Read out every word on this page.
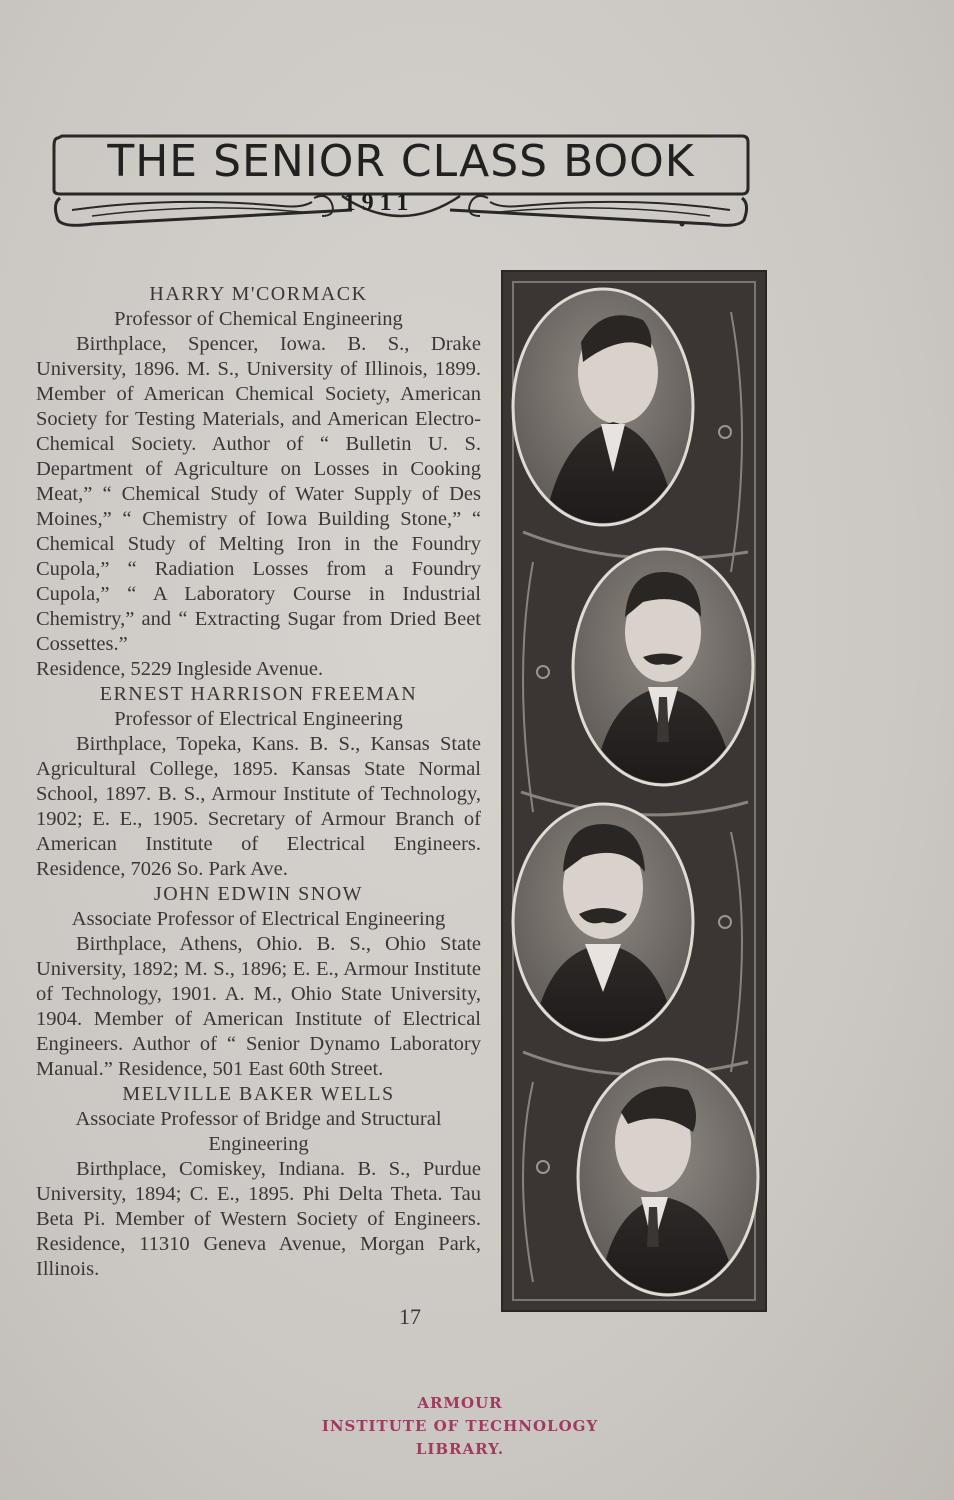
THE SENIOR CLASS BOOK
1911
HARRY M'CORMACK
Professor of Chemical Engineering
Birthplace, Spencer, Iowa. B. S., Drake University, 1896. M. S., University of Illinois, 1899. Member of American Chemical Society, American Society for Testing Materials, and American Electro-Chemical Society. Author of “ Bulletin U. S. Department of Agriculture on Losses in Cooking Meat,” “ Chemical Study of Water Supply of Des Moines,” “ Chemistry of Iowa Building Stone,” “ Chemical Study of Melting Iron in the Foundry Cupola,” “ Radiation Losses from a Foundry Cupola,” “ A Laboratory Course in Industrial Chemistry,” and “ Extracting Sugar from Dried Beet Cossettes.”
Residence, 5229 Ingleside Avenue.
ERNEST HARRISON FREEMAN
Professor of Electrical Engineering
Birthplace, Topeka, Kans. B. S., Kansas State Agricultural College, 1895. Kansas State Normal School, 1897. B. S., Armour Institute of Technology, 1902; E. E., 1905. Secretary of Armour Branch of American Institute of Electrical Engineers. Residence, 7026 So. Park Ave.
JOHN EDWIN SNOW
Associate Professor of Electrical Engineering
Birthplace, Athens, Ohio. B. S., Ohio State University, 1892; M. S., 1896; E. E., Armour Institute of Technology, 1901. A. M., Ohio State University, 1904. Member of American Institute of Electrical Engineers. Author of “ Senior Dynamo Laboratory Manual.” Residence, 501 East 60th Street.
MELVILLE BAKER WELLS
Associate Professor of Bridge and Structural Engineering
Birthplace, Comiskey, Indiana. B. S., Purdue University, 1894; C. E., 1895. Phi Delta Theta. Tau Beta Pi. Member of Western Society of Engineers. Residence, 11310 Geneva Avenue, Morgan Park, Illinois.
17
ARMOUR
INSTITUTE OF TECHNOLOGY
LIBRARY.
